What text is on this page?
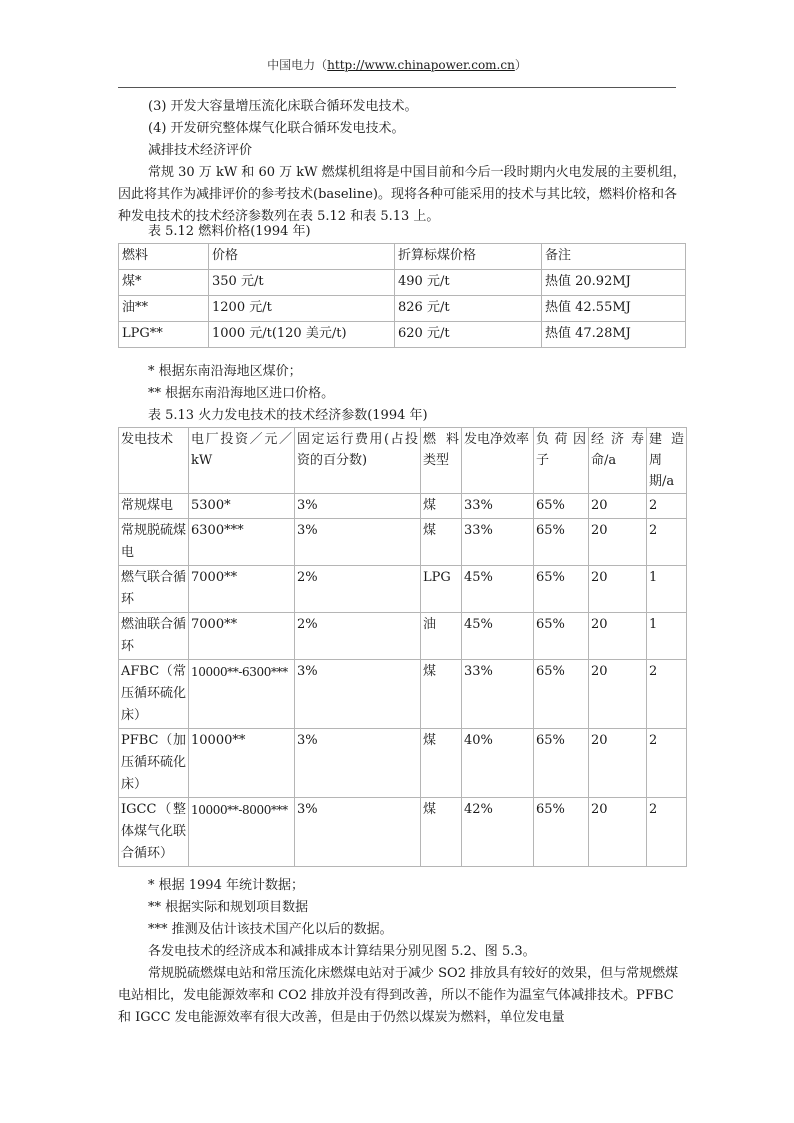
中国电力（http://www.chinapower.com.cn）
(3) 开发大容量增压流化床联合循环发电技术。
(4) 开发研究整体煤气化联合循环发电技术。
减排技术经济评价
常规 30 万 kW 和 60 万 kW 燃煤机组将是中国目前和今后一段时期内火电发展的主要机组，因此将其作为减排评价的参考技术(baseline)。现将各种可能采用的技术与其比较，燃料价格和各种发电技术的技术经济参数列在表 5.12 和表 5.13 上。
表 5.12 燃料价格(1994 年)
燃料	价格	折算标煤价格	备注
煤*	350 元/t	490 元/t	热值 20.92MJ
油**	1200 元/t	826 元/t	热值 42.55MJ
LPG**	1000 元/t(120 美元/t)	620 元/t	热值 47.28MJ
* 根据东南沿海地区煤价；
** 根据东南沿海地区进口价格。
表 5.13 火力发电技术的技术经济参数(1994 年)
发电技术	电厂投资／元／kW	固定运行费用(占投资的百分数)	燃 料类型	发电净效率	负 荷 因子	经 济 寿命/a	建 造周 期/a
常规煤电	5300*	3%	煤	33%	65%	20	2
常规脱硫煤电	6300***	3%	煤	33%	65%	20	2
燃气联合循环	7000**	2%	LPG	45%	65%	20	1
燃油联合循环	7000**	2%	油	45%	65%	20	1
AFBC（常压循环硫化床）	10000**-6300***	3%	煤	33%	65%	20	2
PFBC（加压循环硫化床）	10000**	3%	煤	40%	65%	20	2
IGCC（整体煤气化联合循环）	10000**-8000***	3%	煤	42%	65%	20	2
* 根据 1994 年统计数据；
** 根据实际和规划项目数据
*** 推测及估计该技术国产化以后的数据。
各发电技术的经济成本和减排成本计算结果分别见图 5.2、图 5.3。
常规脱硫燃煤电站和常压流化床燃煤电站对于减少 SO2 排放具有较好的效果，但与常规燃煤电站相比，发电能源效率和 CO2 排放并没有得到改善，所以不能作为温室气体减排技术。PFBC 和 IGCC 发电能源效率有很大改善，但是由于仍然以煤炭为燃料，单位发电量
